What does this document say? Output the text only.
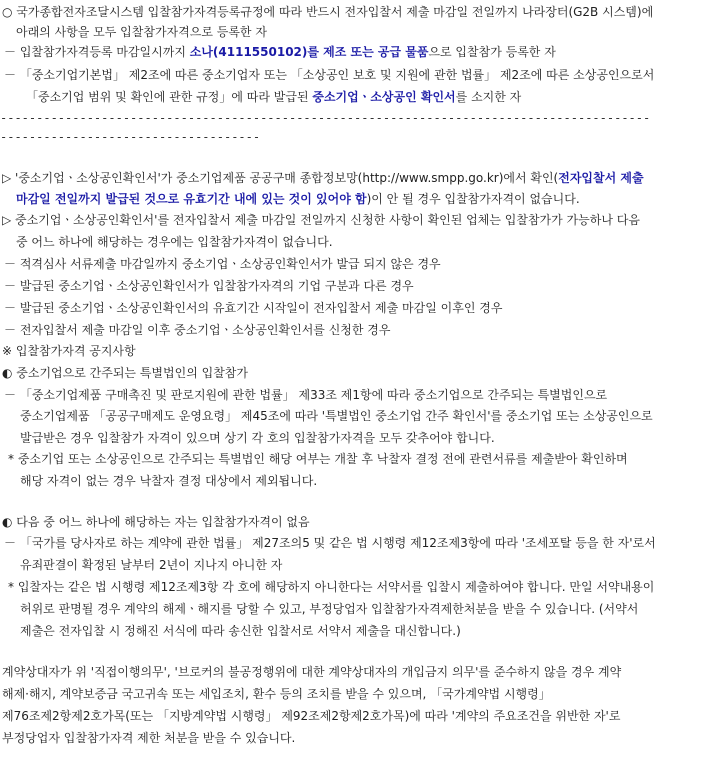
○ 국가종합전자조달시스템 입찰참가자격등록규정에 따라 반드시 전자입찰서 제출 마감일 전일까지 나라장터(G2B 시스템)에
아래의 사항을 모두 입찰참가자격으로 등록한 자
－ 입찰참가자격등록 마감일시까지 소나(4111550102)를 제조 또는 공급 물품으로 입찰참가 등록한 자
－ 「중소기업기본법」 제2조에 따른 중소기업자 또는 「소상공인 보호 및 지원에 관한 법률」 제2조에 따른 소상공인으로서
「중소기업 범위 및 확인에 관한 규정」에 따라 발급된 중소기업ㆍ소상공인 확인서를 소지한 자
------------------------------------------------------------------------------------------
------------------------------------
▷ '중소기업ㆍ소상공인확인서'가 중소기업제품 공공구매 종합정보망(http://www.smpp.go.kr)에서 확인(전자입찰서 제출
마감일 전일까지 발급된 것으로 유효기간 내에 있는 것이 있어야 함)이 안 될 경우 입찰참가자격이 없습니다.
▷ 중소기업ㆍ소상공인확인서'를 전자입찰서 제출 마감일 전일까지 신청한 사항이 확인된 업체는 입찰참가가 가능하나 다음
중 어느 하나에 해당하는 경우에는 입찰참가자격이 없습니다.
－ 적격심사 서류제출 마감일까지 중소기업ㆍ소상공인확인서가 발급 되지 않은 경우
－ 발급된 중소기업ㆍ소상공인확인서가 입찰참가자격의 기업 구분과 다른 경우
－ 발급된 중소기업ㆍ소상공인확인서의 유효기간 시작일이 전자입찰서 제출 마감일 이후인 경우
－ 전자입찰서 제출 마감일 이후 중소기업ㆍ소상공인확인서를 신청한 경우
※ 입찰참가자격 공지사항
◐ 중소기업으로 간주되는 특별법인의 입찰참가
－ 「중소기업제품 구매촉진 및 판로지원에 관한 법률」 제33조 제1항에 따라 중소기업으로 간주되는 특별법인으로
중소기업제품 「공공구매제도 운영요령」 제45조에 따라 '특별법인 중소기업 간주 확인서'를 중소기업 또는 소상공인으로
발급받은 경우 입찰참가 자격이 있으며 상기 각 호의 입찰참가자격을 모두 갖추어야 합니다.
* 중소기업 또는 소상공인으로 간주되는 특별법인 해당 여부는 개찰 후 낙찰자 결정 전에 관련서류를 제출받아 확인하며
해당 자격이 없는 경우 낙찰자 결정 대상에서 제외됩니다.
◐ 다음 중 어느 하나에 해당하는 자는 입찰참가자격이 없음
－ 「국가를 당사자로 하는 계약에 관한 법률」 제27조의5 및 같은 법 시행령 제12조제3항에 따라 '조세포탈 등을 한 자'로서
유죄판결이 확정된 날부터 2년이 지나지 아니한 자
* 입찰자는 같은 법 시행령 제12조제3항 각 호에 해당하지 아니한다는 서약서를 입찰시 제출하여야 합니다. 만일 서약내용이
허위로 판명될 경우 계약의 해제ㆍ해지를 당할 수 있고, 부정당업자 입찰참가자격제한처분을 받을 수 있습니다. (서약서
제출은 전자입찰 시 정해진 서식에 따라 송신한 입찰서로 서약서 제출을 대신합니다.)
계약상대자가 위 '직접이행의무', '브로커의 불공정행위에 대한 계약상대자의 개입금지 의무'를 준수하지 않을 경우 계약
해제·해지, 계약보증금 국고귀속 또는 세입조치, 환수 등의 조치를 받을 수 있으며, 「국가계약법 시행령」
제76조제2항제2호가목(또는 「지방계약법 시행령」 제92조제2항제2호가목)에 따라 '계약의 주요조건을 위반한 자'로
부정당업자 입찰참가자격 제한 처분을 받을 수 있습니다.
